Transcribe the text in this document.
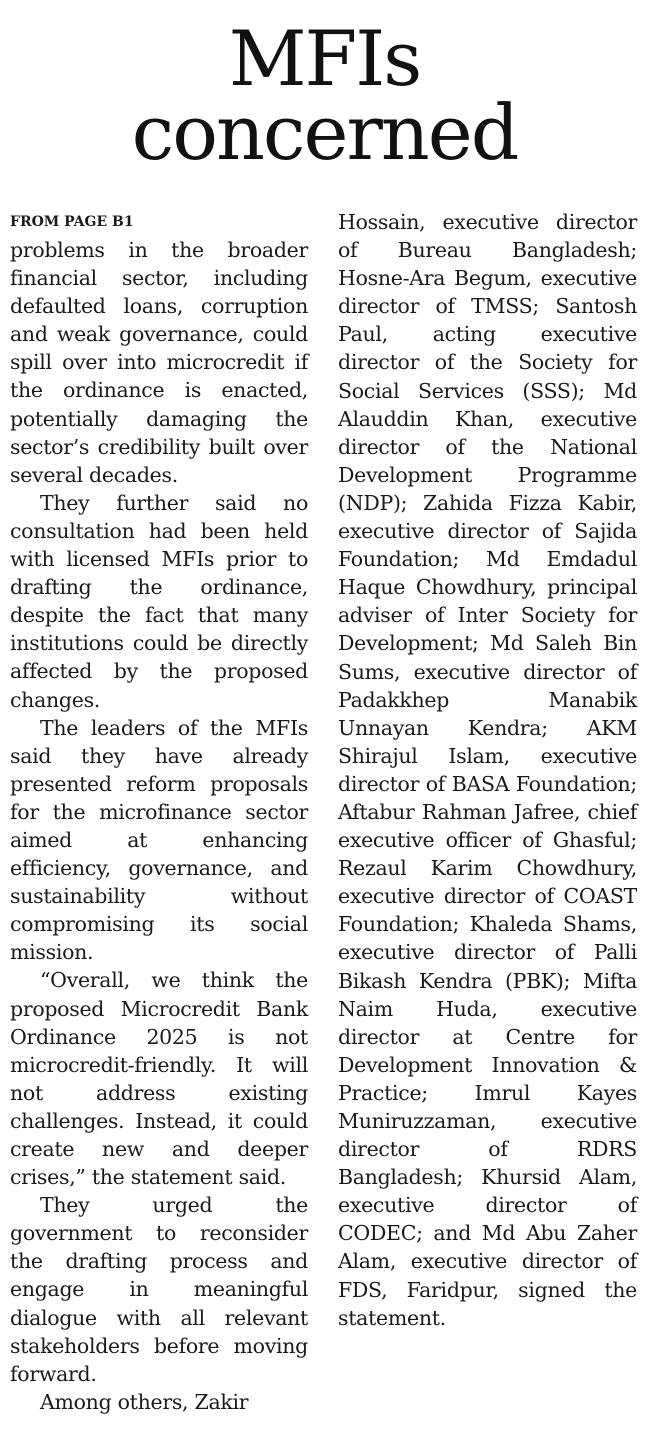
MFIs
concerned
FROM PAGE B1

problems in the broader financial sector, including defaulted loans, corruption and weak governance, could spill over into microcredit if the ordinance is enacted, potentially damaging the sector’s credibility built over several decades.

They further said no consultation had been held with licensed MFIs prior to drafting the ordinance, despite the fact that many institutions could be directly affected by the proposed changes.

The leaders of the MFIs said they have already presented reform proposals for the microfinance sector aimed at enhancing efficiency, governance, and sustainability without compromising its social mission.

“Overall, we think the proposed Microcredit Bank Ordinance 2025 is not microcredit-friendly. It will not address existing challenges. Instead, it could create new and deeper crises,” the statement said.

They urged the government to reconsider the drafting process and engage in meaningful dialogue with all relevant stakeholders before moving forward.

Among others, Zakir

Hossain, executive director of Bureau Bangladesh; Hosne-Ara Begum, executive director of TMSS; Santosh Paul, acting executive director of the Society for Social Services (SSS); Md Alauddin Khan, executive director of the National Development Programme (NDP); Zahida Fizza Kabir, executive director of Sajida Foundation; Md Emdadul Haque Chowdhury, principal adviser of Inter Society for Development; Md Saleh Bin Sums, executive director of Padakkhep Manabik Unnayan Kendra; AKM Shirajul Islam, executive director of BASA Foundation; Aftabur Rahman Jafree, chief executive officer of Ghasful; Rezaul Karim Chowdhury, executive director of COAST Foundation; Khaleda Shams, executive director of Palli Bikash Kendra (PBK); Mifta Naim Huda, executive director at Centre for Development Innovation & Practice; Imrul Kayes Muniruzzaman, executive director of RDRS Bangladesh; Khursid Alam, executive director of CODEC; and Md Abu Zaher Alam, executive director of FDS, Faridpur, signed the statement.
